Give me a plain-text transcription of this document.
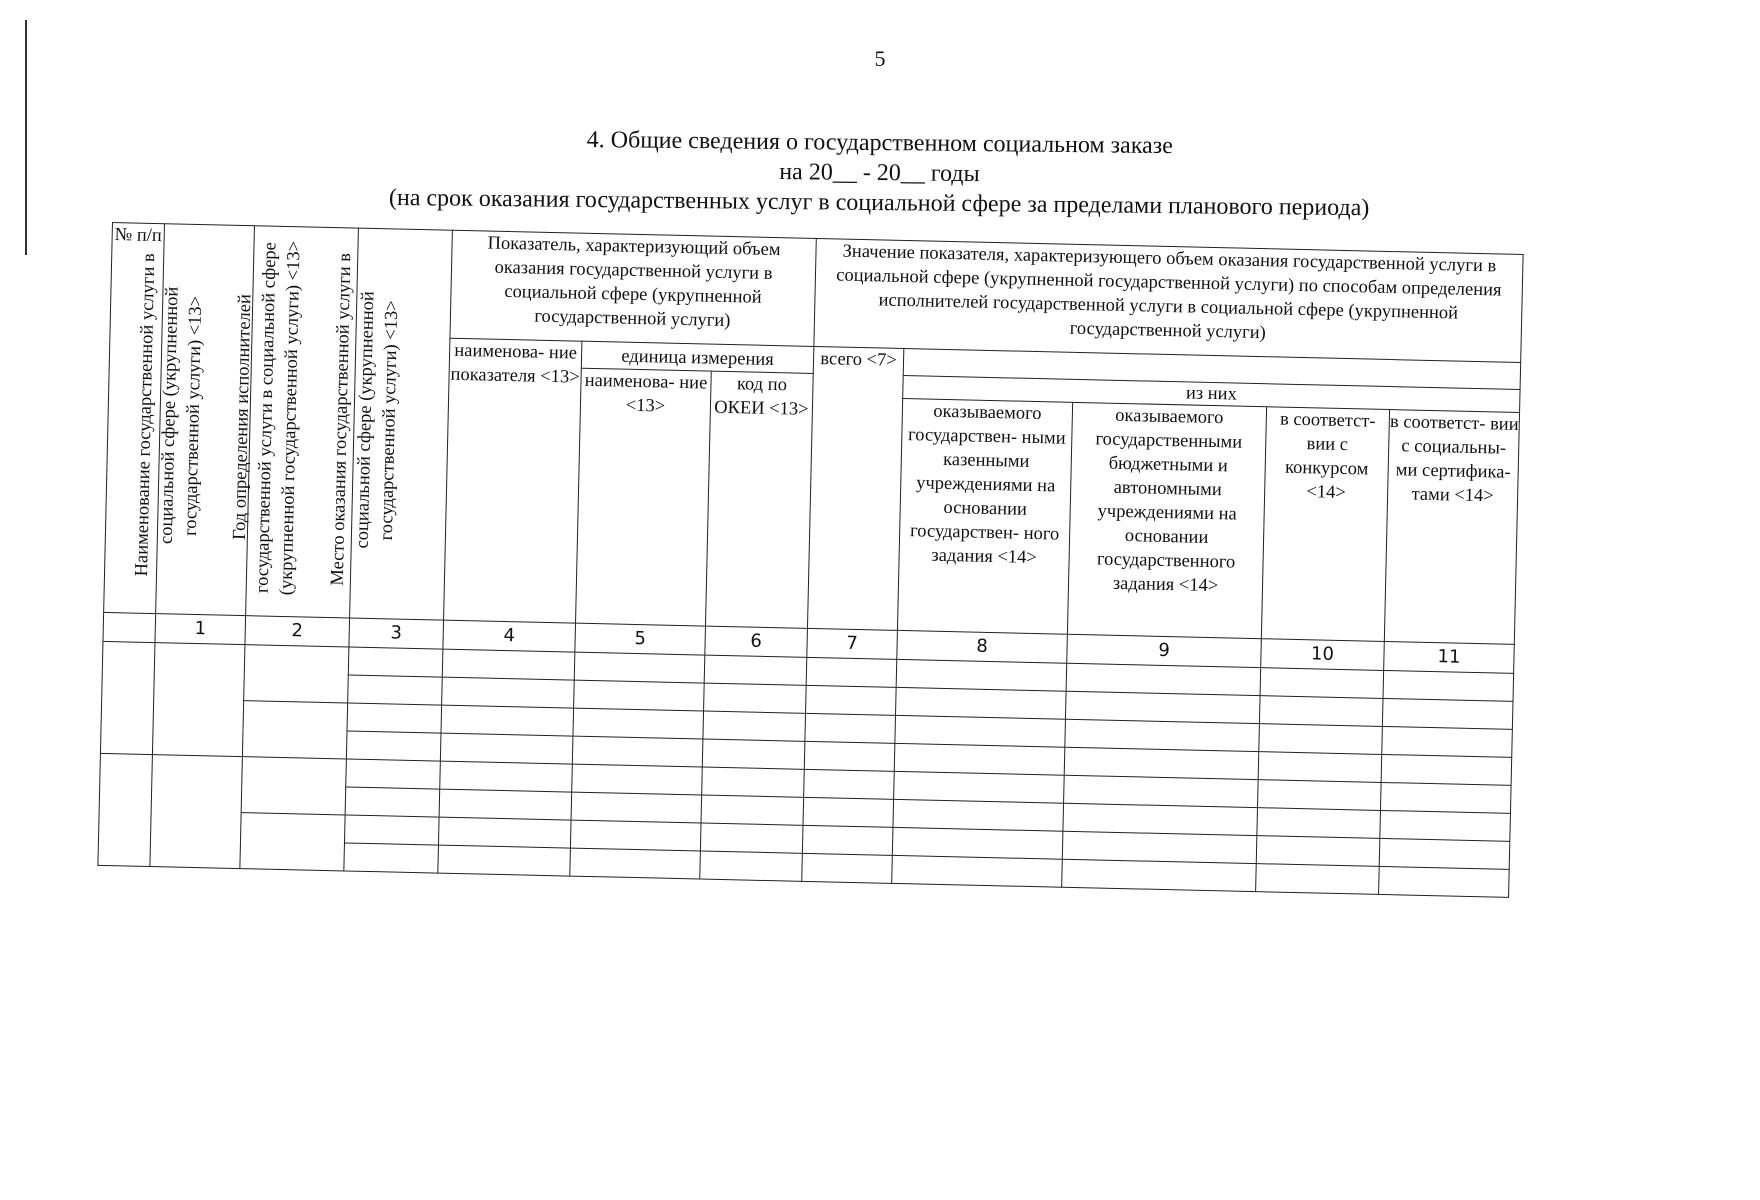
5
4. Общие сведения о государственном социальном заказе
на 20__ - 20__ годы
(на срок оказания государственных услуг в социальной сфере за пределами планового периода)
№ п/п	Наименование государственной услуги в социальной сфере (укрупненной государственной услуги) <13>	Год определения исполнителей государственной услуги в социальной сфере (укрупненной государственной услуги) <13>	Место оказания государственной услуги в социальной сфере (укрупненной государственной услуги) <13>	Показатель, характеризующий объем оказания государственной услуги в социальной сфере (укрупненной государственной услуги)			Значение показателя, характеризующего объем оказания государственной услуги в социальной сфере (укрупненной государственной услуги) по способам определения исполнителей государственной услуги в социальной сфере (укрупненной государственной услуги)				

				наименова- ние показателя <13>	единица измерения		всего <7>				

					наименова- ние <13>	код по ОКЕИ <13>		из них			

								оказываемого государствен- ными казенными учреждениями на основании государствен- ного задания <14>	оказываемого государственными бюджетными и автономными учреждениями на основании государственного задания <14>	в соответст- вии с конкурсом <14>	в соответст- вии с социальны- ми сертифика- тами <14>

	1	2	3	4	5	6	7	8	9	10	11
